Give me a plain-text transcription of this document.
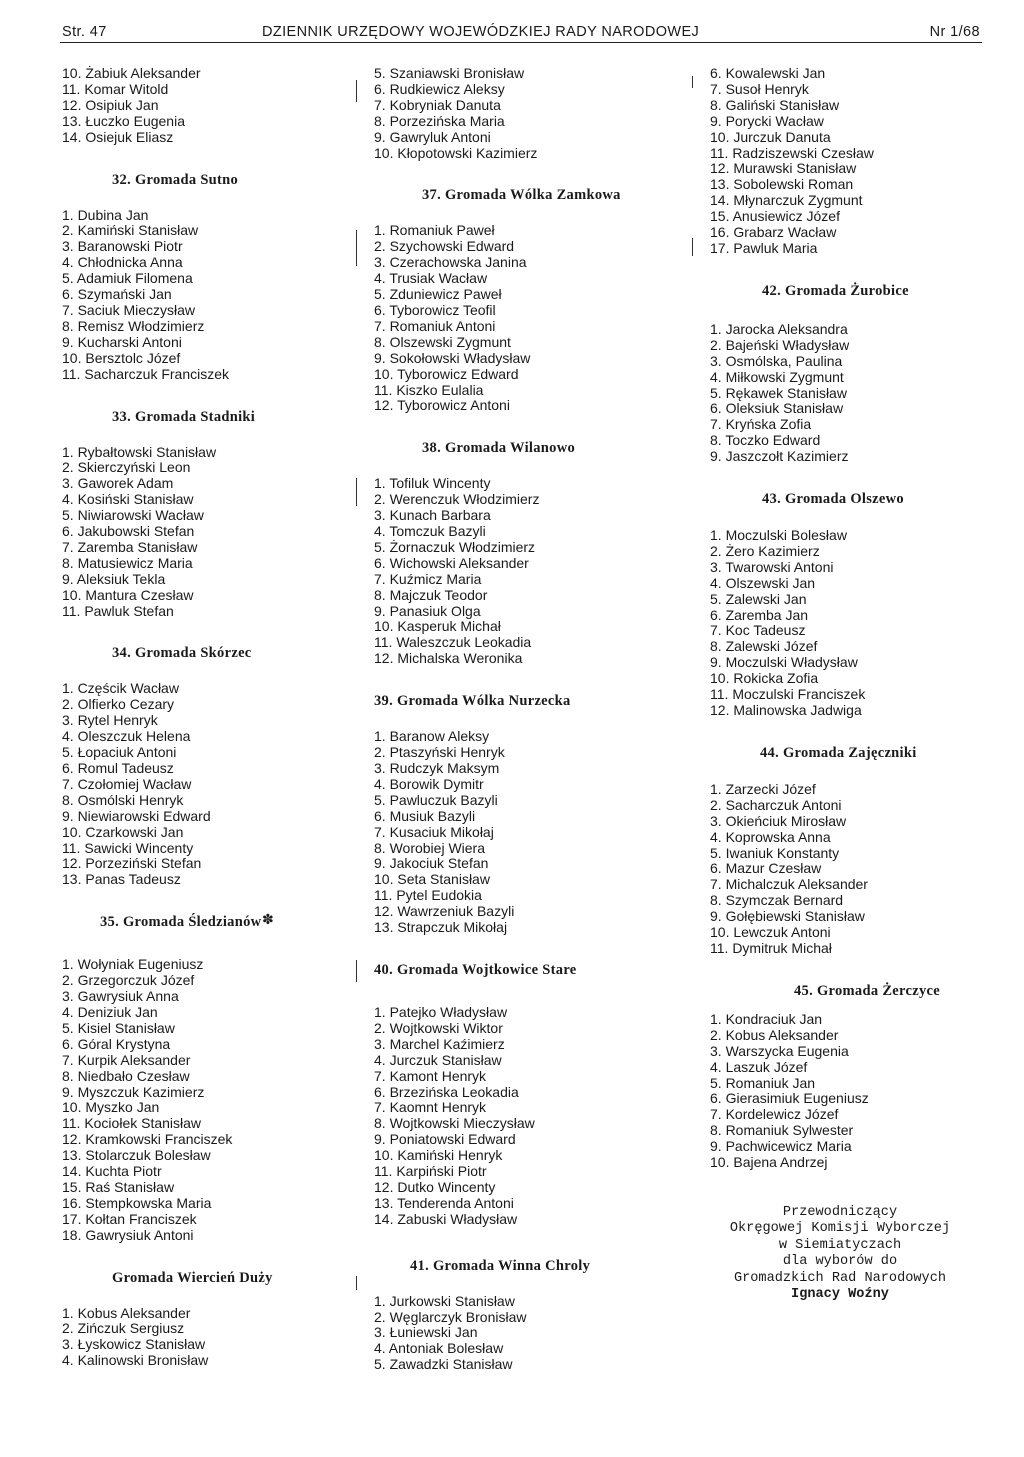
Str. 47	DZIENNIK URZĘDOWY WOJEWÓDZKIEJ RADY NARODOWEJ	Nr 1/68
10. Żabiuk Aleksander
11. Komar Witold
12. Osipiuk Jan
13. Łuczko Eugenia
14. Osiejuk Eliasz
32. Gromada Sutno
1. Dubina Jan
2. Kamiński Stanisław
3. Baranowski Piotr
4. Chłodnicka Anna
5. Adamiuk Filomena
6. Szymański Jan
7. Saciuk Mieczysław
8. Remisz Włodzimierz
9. Kucharski Antoni
10. Bersztolc Józef
11. Sacharczuk Franciszek
33. Gromada Stadniki
1. Rybałtowski Stanisław
2. Skierczyński Leon
3. Gaworek Adam
4. Kosiński Stanisław
5. Niwiarowski Wacław
6. Jakubowski Stefan
7. Zaremba Stanisław
8. Matusiewicz Maria
9. Aleksiuk Tekla
10. Mantura Czesław
11. Pawluk Stefan
34. Gromada Skórzec
1. Częścik Wacław
2. Olfierko Cezary
3. Rytel Henryk
4. Oleszczuk Helena
5. Łopaciuk Antoni
6. Romul Tadeusz
7. Czołomiej Wacław
8. Osmólski Henryk
9. Niewiarowski Edward
10. Czarkowski Jan
11. Sawicki Wincenty
12. Porzeziński Stefan
13. Panas Tadeusz
35. Gromada Śledzianów
1. Wołyniak Eugeniusz
2. Grzegorczuk Józef
3. Gawrysiuk Anna
4. Deniziuk Jan
5. Kisiel Stanisław
6. Góral Krystyna
7. Kurpik Aleksander
8. Niedbało Czesław
9. Myszczuk Kazimierz
10. Myszko Jan
11. Kociołek Stanisław
12. Kramkowski Franciszek
13. Stolarczuk Bolesław
14. Kuchta Piotr
15. Raś Stanisław
16. Stempkowska Maria
17. Kołtan Franciszek
18. Gawrysiuk Antoni
Gromada Wiercień Duży
1. Kobus Aleksander
2. Zińczuk Sergiusz
3. Łyskowicz Stanisław
4. Kalinowski Bronisław
✽
5. Szaniawski Bronisław
6. Rudkiewicz Aleksy
7. Kobryniak Danuta
8. Porzezińska Maria
9. Gawryluk Antoni
10. Kłopotowski Kazimierz
37. Gromada Wólka Zamkowa
1. Romaniuk Paweł
2. Szychowski Edward
3. Czerachowska Janina
4. Trusiak Wacław
5. Zduniewicz Paweł
6. Tyborowicz Teofil
7. Romaniuk Antoni
8. Olszewski Zygmunt
9. Sokołowski Władysław
10. Tyborowicz Edward
11. Kiszko Eulalia
12. Tyborowicz Antoni
38. Gromada Wilanowo
1. Tofiluk Wincenty
2. Werenczuk Włodzimierz
3. Kunach Barbara
4. Tomczuk Bazyli
5. Żornaczuk Włodzimierz
6. Wichowski Aleksander
7. Kuźmicz Maria
8. Majczuk Teodor
9. Panasiuk Olga
10. Kasperuk Michał
11. Waleszczuk Leokadia
12. Michalska Weronika
39. Gromada Wólka Nurzecka
1. Baranow Aleksy
2. Ptaszyński Henryk
3. Rudczyk Maksym
4. Borowik Dymitr
5. Pawluczuk Bazyli
6. Musiuk Bazyli
7. Kusaciuk Mikołaj
8. Worobiej Wiera
9. Jakociuk Stefan
10. Seta Stanisław
11. Pytel Eudokia
12. Wawrzeniuk Bazyli
13. Strapczuk Mikołaj
40. Gromada Wojtkowice Stare
1. Patejko Władysław
2. Wojtkowski Wiktor
3. Marchel Kaźimierz
4. Jurczuk Stanisław
7. Kamont Henryk
6. Brzezińska Leokadia
7. Kaomnt Henryk
8. Wojtkowski Mieczysław
9. Poniatowski Edward
10. Kamiński Henryk
11. Karpiński Piotr
12. Dutko Wincenty
13. Tenderenda Antoni
14. Zabuski Władysław
41. Gromada Winna Chroly
1. Jurkowski Stanisław
2. Węglarczyk Bronisław
3. Łuniewski Jan
4. Antoniak Bolesław
5. Zawadzki Stanisław
6. Kowalewski Jan
7. Susoł Henryk
8. Galiński Stanisław
9. Porycki Wacław
10. Jurczuk Danuta
11. Radziszewski Czesław
12. Murawski Stanisław
13. Sobolewski Roman
14. Młynarczuk Zygmunt
15. Anusiewicz Józef
16. Grabarz Wacław
17. Pawluk Maria
42. Gromada Żurobice
1. Jarocka Aleksandra
2. Bajeński Władysław
3. Osmólska, Paulina
4. Miłkowski Zygmunt
5. Rękawek Stanisław
6. Oleksiuk Stanisław
7. Kryńska Zofia
8. Toczko Edward
9. Jaszczołt Kazimierz
43. Gromada Olszewo
1. Moczulski Bolesław
2. Żero Kazimierz
3. Twarowski Antoni
4. Olszewski Jan
5. Zalewski Jan
6. Zaremba Jan
7. Koc Tadeusz
8. Zalewski Józef
9. Moczulski Władysław
10. Rokicka Zofia
11. Moczulski Franciszek
12. Malinowska Jadwiga
44. Gromada Zajęczniki
1. Zarzecki Józef
2. Sacharczuk Antoni
3. Okieńciuk Mirosław
4. Koprowska Anna
5. Iwaniuk Konstanty
6. Mazur Czesław
7. Michalczuk Aleksander
8. Szymczak Bernard
9. Gołębiewski Stanisław
10. Lewczuk Antoni
11. Dymitruk Michał
45. Gromada Żerczyce
1. Kondraciuk Jan
2. Kobus Aleksander
3. Warszycka Eugenia
4. Laszuk Józef
5. Romaniuk Jan
6. Gierasimiuk Eugeniusz
7. Kordelewicz Józef
8. Romaniuk Sylwester
9. Pachwicewicz Maria
10. Bajena Andrzej
Przewodniczący
Okręgowej Komisji Wyborczej
w Siemiatyczach
dla wyborów do
Gromadzkich Rad Narodowych
Ignacy Woźny
